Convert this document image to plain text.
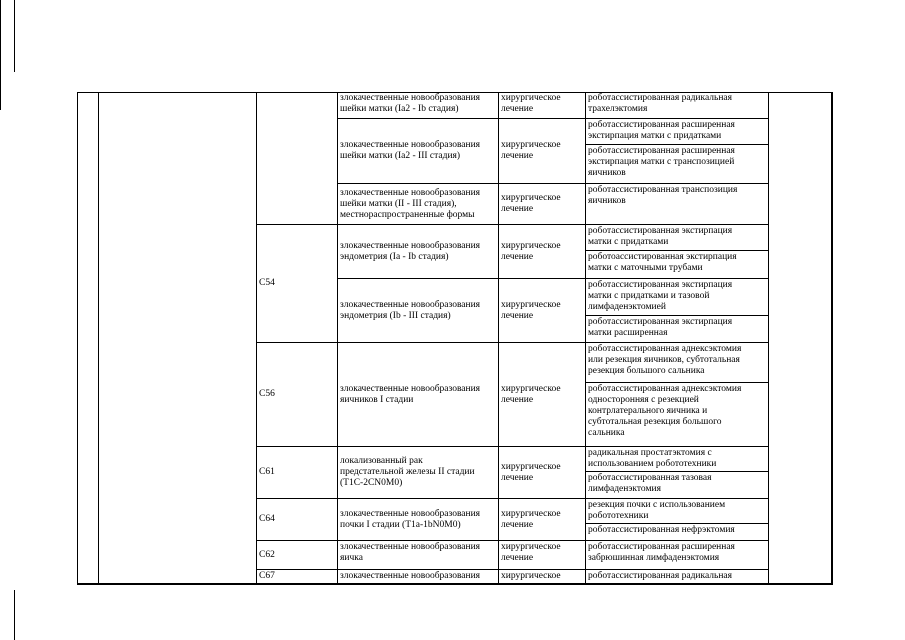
C54
C56
C61
C64
C62
C67
злокачественные новообразования
шейки матки (Ia2 - Ib стадия)
хирургическое
лечение
роботассистированная радикальная
трахелэктомия
злокачественные новообразования
шейки матки (Ia2 - III стадия)
хирургическое
лечение
роботассистированная расширенная
экстирпация матки с придатками
роботассистированная расширенная
экстирпация матки с транспозицией
яичников
злокачественные новообразования
шейки матки (II - III стадия),
местнораспространенные формы
хирургическое
лечение
роботассистированная транспозиция
яичников
злокачественные новообразования
эндометрия (Ia - Ib стадия)
хирургическое
лечение
роботассистированная экстирпация
матки с придатками
роботоассистированная экстирпация
матки с маточными трубами
злокачественные новообразования
эндометрия (Ib - III стадия)
хирургическое
лечение
роботассистированная экстирпация
матки с придатками и тазовой
лимфаденэктомией
роботассистированная экстирпация
матки расширенная
злокачественные новообразования
яичников I стадии
хирургическое
лечение
роботассистированная аднексэктомия
или резекция яичников, субтотальная
резекция большого сальника
роботассистированная аднексэктомия
односторонняя с резекцией
контрлатерального яичника и
субтотальная резекция большого
сальника
локализованный рак
предстательной железы II стадии
(T1C-2CN0M0)
хирургическое
лечение
радикальная простатэктомия с
использованием робототехники
роботассистированная тазовая
лимфаденэктомия
злокачественные новообразования
почки I стадии (T1a-1bN0M0)
хирургическое
лечение
резекция почки с использованием
робототехники
роботассистированная нефрэктомия
злокачественные новообразования
яичка
хирургическое
лечение
роботассистированная расширенная
забрюшинная лимфаденэктомия
злокачественные новообразования	хирургическое	роботассистированная радикальная
